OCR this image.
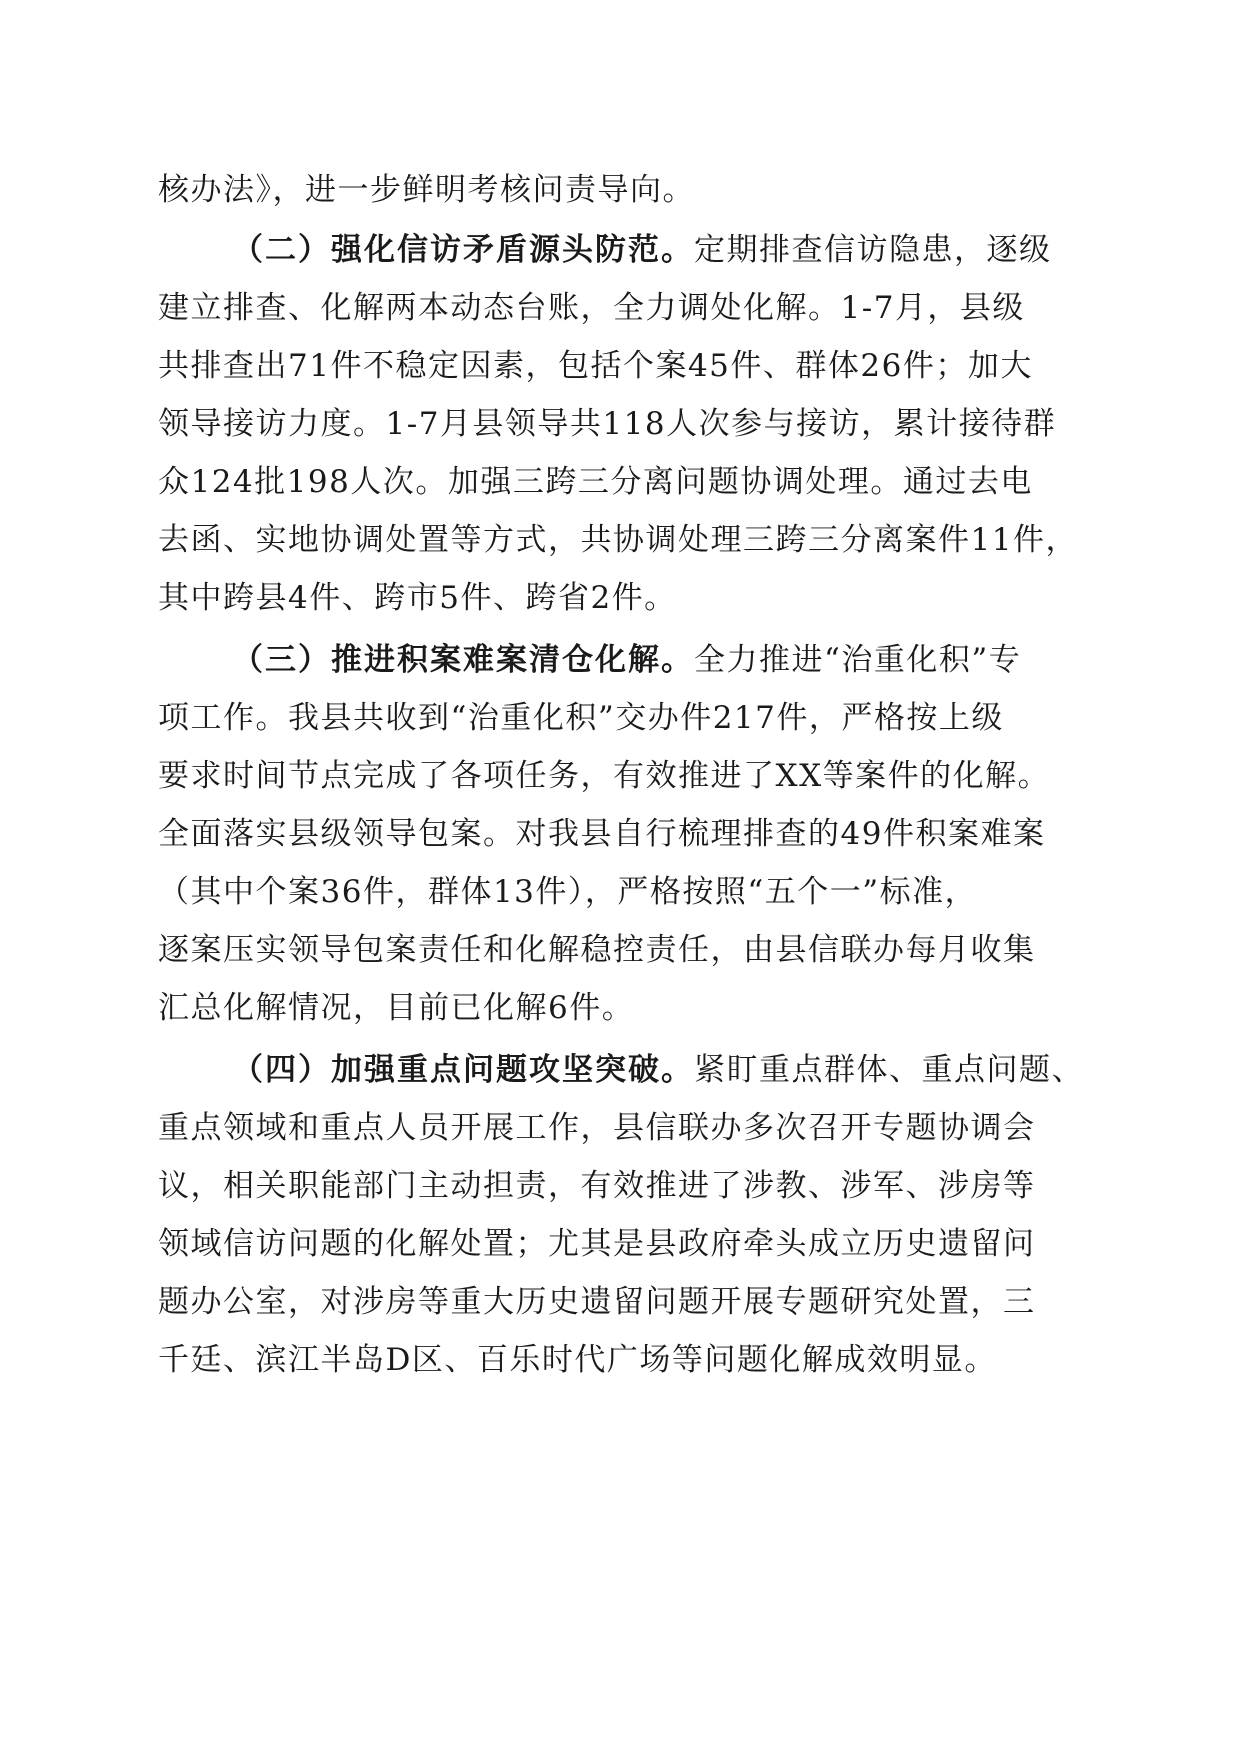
核办法》，进一步鲜明考核问责导向。
（二）强化信访矛盾源头防范。定期排查信访隐患，逐级
建立排查、化解两本动态台账，全力调处化解。1-7月，县级
共排查出71件不稳定因素，包括个案45件、群体26件；加大
领导接访力度。1-7月县领导共118人次参与接访，累计接待群
众124批198人次。加强三跨三分离问题协调处理。通过去电
去函、实地协调处置等方式，共协调处理三跨三分离案件11件，
其中跨县4件、跨市5件、跨省2件。
（三）推进积案难案清仓化解。全力推进“治重化积”专
项工作。我县共收到“治重化积”交办件217件，严格按上级
要求时间节点完成了各项任务，有效推进了XX等案件的化解。
全面落实县级领导包案。对我县自行梳理排查的49件积案难案
（其中个案36件，群体13件），严格按照“五个一”标准，
逐案压实领导包案责任和化解稳控责任，由县信联办每月收集
汇总化解情况，目前已化解6件。
（四）加强重点问题攻坚突破。紧盯重点群体、重点问题、
重点领域和重点人员开展工作，县信联办多次召开专题协调会
议，相关职能部门主动担责，有效推进了涉教、涉军、涉房等
领域信访问题的化解处置；尤其是县政府牵头成立历史遗留问
题办公室，对涉房等重大历史遗留问题开展专题研究处置，三
千廷、滨江半岛D区、百乐时代广场等问题化解成效明显。
